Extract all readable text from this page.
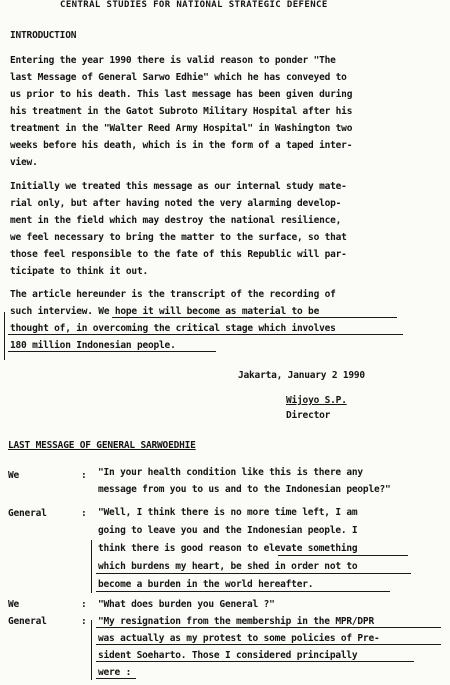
CENTRAL STUDIES FOR NATIONAL STRATEGIC DEFENCE
INTRODUCTION
Entering the year 1990 there is valid reason to ponder "The
last Message of General Sarwo Edhie" which he has conveyed to
us prior to his death. This last message has been given during
his treatment in the Gatot Subroto Military Hospital after his
treatment in the "Walter Reed Army Hospital" in Washington two
weeks before his death, which is in the form of a taped inter-
view.
Initially we treated this message as our internal study mate-
rial only, but after having noted the very alarming develop-
ment in the field which may destroy the national resilience,
we feel necessary to bring the matter to the surface, so that
those feel responsible to the fate of this Republic will par-
ticipate to think it out.
The article hereunder is the transcript of the recording of
such interview. We hope it will become as material to be
thought of, in overcoming the critical stage which involves
180 million Indonesian people.
Jakarta, January 2 1990
Wijoyo S.P.
Director
LAST MESSAGE OF GENERAL SARWOEDHIE
We	: "In your health condition like this is there any
message from you to us and to the Indonesian people?"
General	: "Well, I think there is no more time left, I am
going to leave you and the Indonesian people. I
think there is good reason to elevate something
which burdens my heart, be shed in order not to
become a burden in the world hereafter.
We	: "What does burden you General ?"
General	: "My resignation from the membership in the MPR/DPR
was actually as my protest to some policies of Pre-
sident Soeharto. Those I considered principally
were :
